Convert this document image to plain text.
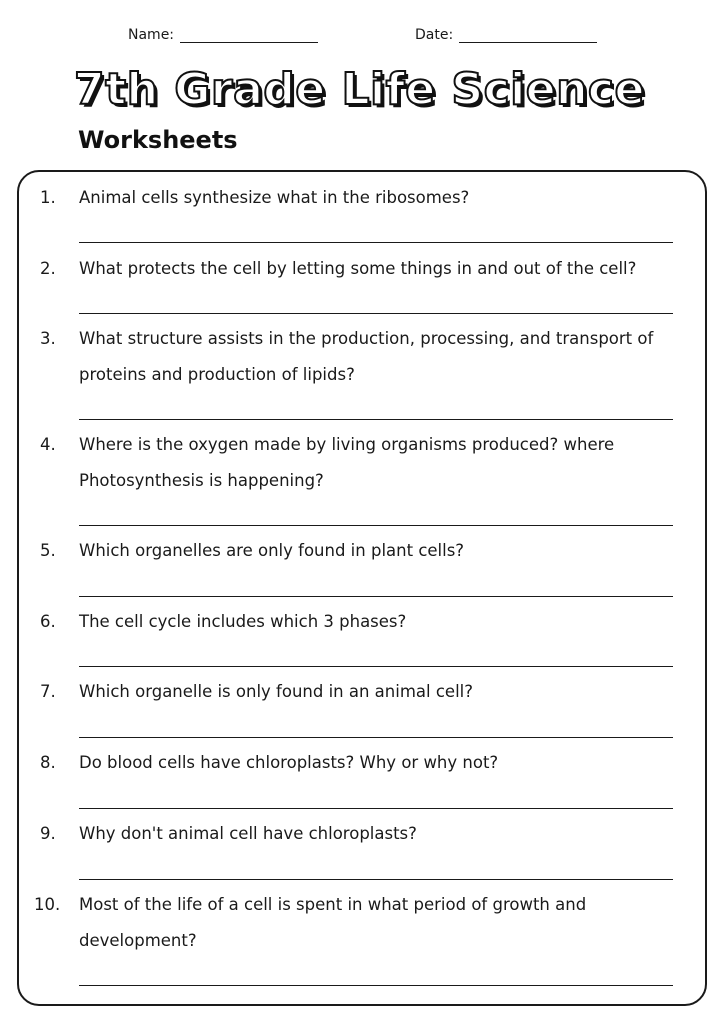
Name:	Date:
7th Grade Life Science
Worksheets
1. Animal cells synthesize what in the ribosomes?
2. What protects the cell by letting some things in and out of the cell?
3. What structure assists in the production, processing, and transport of proteins and production of lipids?
4. Where is the oxygen made by living organisms produced? where Photosynthesis is happening?
5. Which organelles are only found in plant cells?
6. The cell cycle includes which 3 phases?
7. Which organelle is only found in an animal cell?
8. Do blood cells have chloroplasts? Why or why not?
9. Why don't animal cell have chloroplasts?
10. Most of the life of a cell is spent in what period of growth and development?
